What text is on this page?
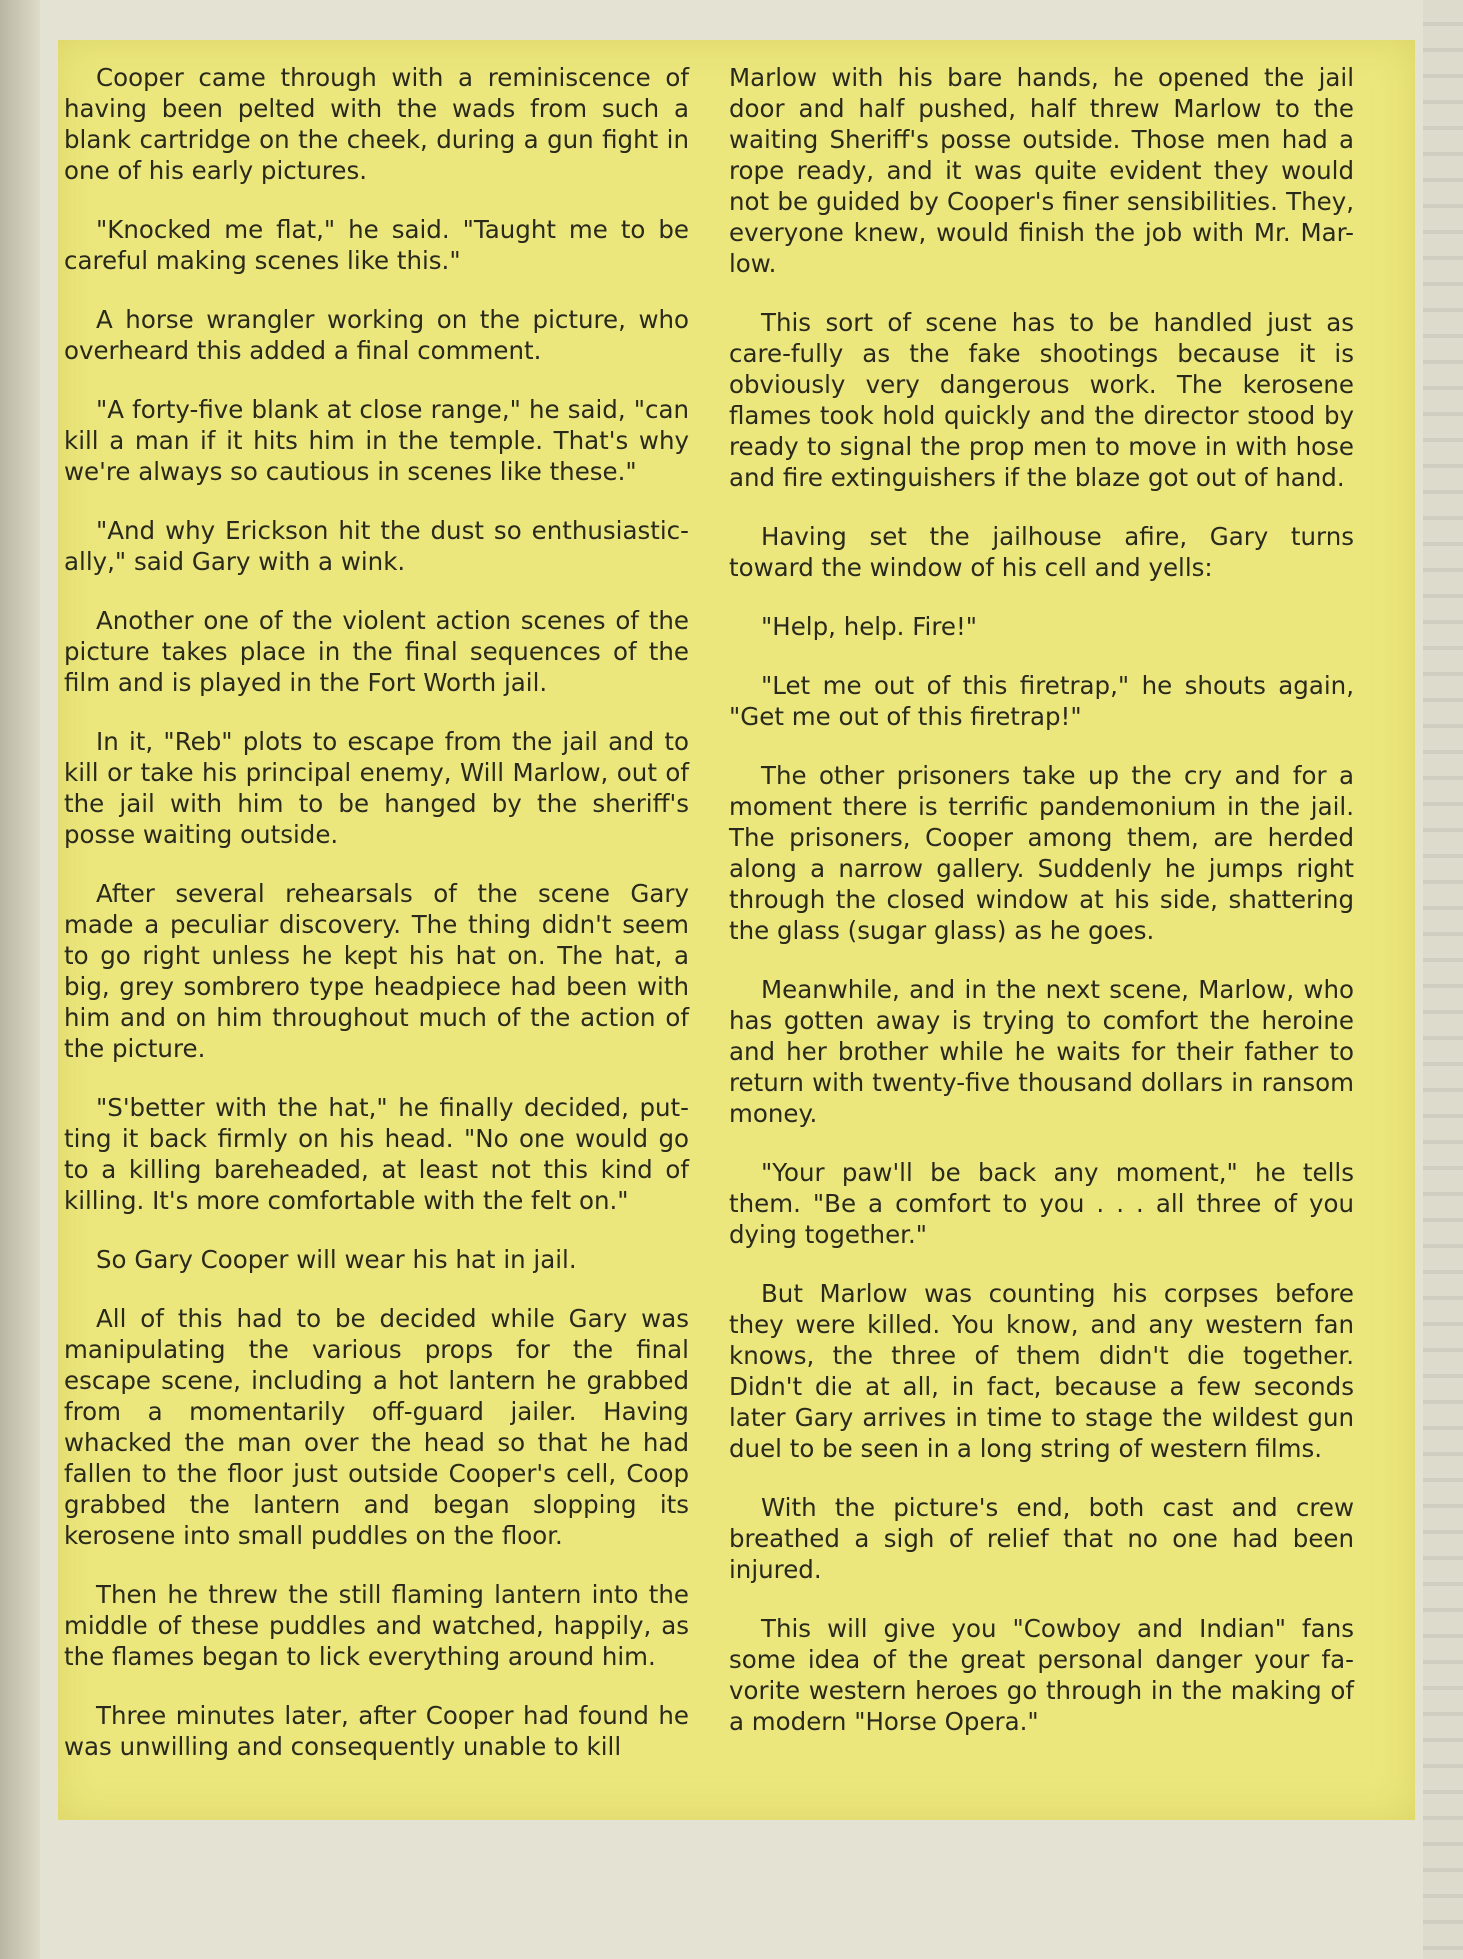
Cooper came through with a reminiscence of having been pelted with the wads from such a blank cartridge on the cheek, during a gun fight in one of his early pictures.

"Knocked me flat," he said. "Taught me to be careful making scenes like this."

A horse wrangler working on the picture, who overheard this added a final comment.

"A forty-five blank at close range," he said, "can kill a man if it hits him in the temple. That's why we're always so cautious in scenes like these."

"And why Erickson hit the dust so enthusiastic-ally," said Gary with a wink.

Another one of the violent action scenes of the picture takes place in the final sequences of the film and is played in the Fort Worth jail.

In it, "Reb" plots to escape from the jail and to kill or take his principal enemy, Will Marlow, out of the jail with him to be hanged by the sheriff's posse waiting outside.

After several rehearsals of the scene Gary made a peculiar discovery. The thing didn't seem to go right unless he kept his hat on. The hat, a big, grey sombrero type headpiece had been with him and on him throughout much of the action of the picture.

"S'better with the hat," he finally decided, put-ting it back firmly on his head. "No one would go to a killing bareheaded, at least not this kind of killing. It's more comfortable with the felt on."

So Gary Cooper will wear his hat in jail.

All of this had to be decided while Gary was manipulating the various props for the final escape scene, including a hot lantern he grabbed from a momentarily off-guard jailer. Having whacked the man over the head so that he had fallen to the floor just outside Cooper's cell, Coop grabbed the lantern and began slopping its kerosene into small puddles on the floor.

Then he threw the still flaming lantern into the middle of these puddles and watched, happily, as the flames began to lick everything around him.

Three minutes later, after Cooper had found he was unwilling and consequently unable to kill

Marlow with his bare hands, he opened the jail door and half pushed, half threw Marlow to the waiting Sheriff's posse outside. Those men had a rope ready, and it was quite evident they would not be guided by Cooper's finer sensibilities. They, everyone knew, would finish the job with Mr. Mar-low.

This sort of scene has to be handled just as care-fully as the fake shootings because it is obviously very dangerous work. The kerosene flames took hold quickly and the director stood by ready to signal the prop men to move in with hose and fire extinguishers if the blaze got out of hand.

Having set the jailhouse afire, Gary turns toward the window of his cell and yells:

"Help, help. Fire!"

"Let me out of this firetrap," he shouts again, "Get me out of this firetrap!"

The other prisoners take up the cry and for a moment there is terrific pandemonium in the jail. The prisoners, Cooper among them, are herded along a narrow gallery. Suddenly he jumps right through the closed window at his side, shattering the glass (sugar glass) as he goes.

Meanwhile, and in the next scene, Marlow, who has gotten away is trying to comfort the heroine and her brother while he waits for their father to return with twenty-five thousand dollars in ransom money.

"Your paw'll be back any moment," he tells them. "Be a comfort to you . . . all three of you dying together."

But Marlow was counting his corpses before they were killed. You know, and any western fan knows, the three of them didn't die together. Didn't die at all, in fact, because a few seconds later Gary arrives in time to stage the wildest gun duel to be seen in a long string of western films.

With the picture's end, both cast and crew breathed a sigh of relief that no one had been injured.

This will give you "Cowboy and Indian" fans some idea of the great personal danger your fa-vorite western heroes go through in the making of a modern "Horse Opera."
